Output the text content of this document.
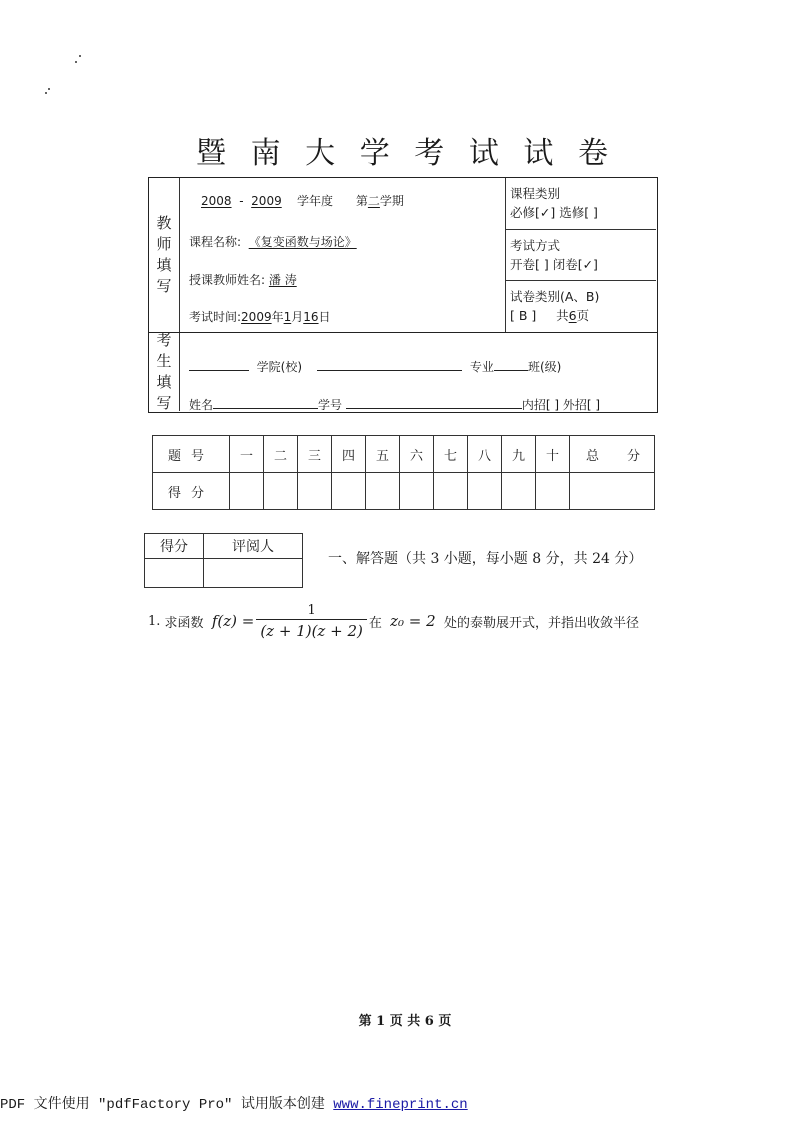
暨 南 大 学 考 试 试 卷
教
师
填
写
考
生
填
写
2008 - 2009 学年度 第二学期
课程名称: 《复变函数与场论》
授课教师姓名: 潘 涛
考试时间:2009年1月16日
课程类别
必修[✓] 选修[ ]
考试方式
开卷[ ] 闭卷[✓]
试卷类别(A、B)
[ B ] 共6页
学院(校)	专业	班(级)
姓名	学号	内招[ ] 外招[ ]
题号	一	二	三	四	五	六	七	八	九	十	总 分

得分											
得分	评阅人

一、解答题（共 3 小题，每小题 8 分，共 24 分）
1.
求函数
$f(z) = \frac{1}{(z + 1)(z + 2)}$ 在
z₀ = 2
处的泰勒展开式，并指出收敛半径
第 1 页 共 6 页
PDF 文件使用 "pdfFactory Pro" 试用版本创建 www.fineprint.cn
